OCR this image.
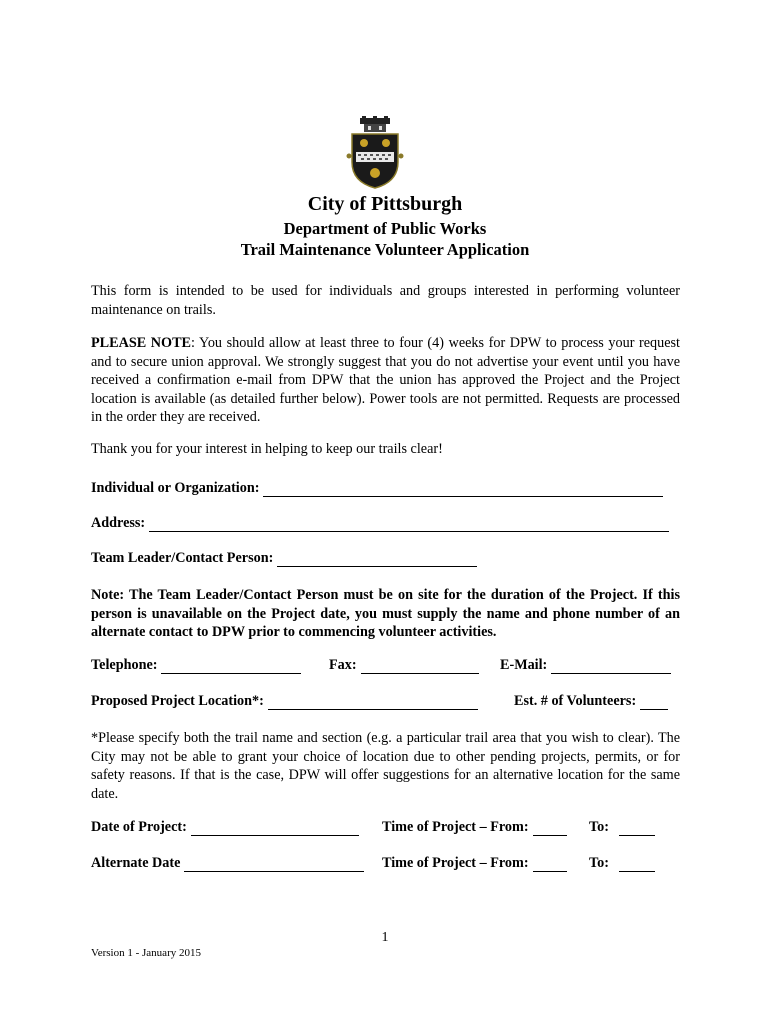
City of Pittsburgh
Department of Public Works
Trail Maintenance Volunteer Application

This form is intended to be used for individuals and groups interested in performing volunteer maintenance on trails.

PLEASE NOTE: You should allow at least three to four (4) weeks for DPW to process your request and to secure union approval. We strongly suggest that you do not advertise your event until you have received a confirmation e-mail from DPW that the union has approved the Project and the Project location is available (as detailed further below). Power tools are not permitted. Requests are processed in the order they are received.

Thank you for your interest in helping to keep our trails clear!

Individual or Organization:
Address:
Team Leader/Contact Person:

Note: The Team Leader/Contact Person must be on site for the duration of the Project. If this person is unavailable on the Project date, you must supply the name and phone number of an alternate contact to DPW prior to commencing volunteer activities.

Telephone:	Fax:	E-Mail:
Proposed Project Location*:	Est. # of Volunteers:

*Please specify both the trail name and section (e.g. a particular trail area that you wish to clear). The City may not be able to grant your choice of location due to other pending projects, permits, or for safety reasons. If that is the case, DPW will offer suggestions for an alternative location for the same date.

Date of Project:	Time of Project – From:	To:
Alternate Date	Time of Project – From:	To:
1
Version 1 - January 2015
